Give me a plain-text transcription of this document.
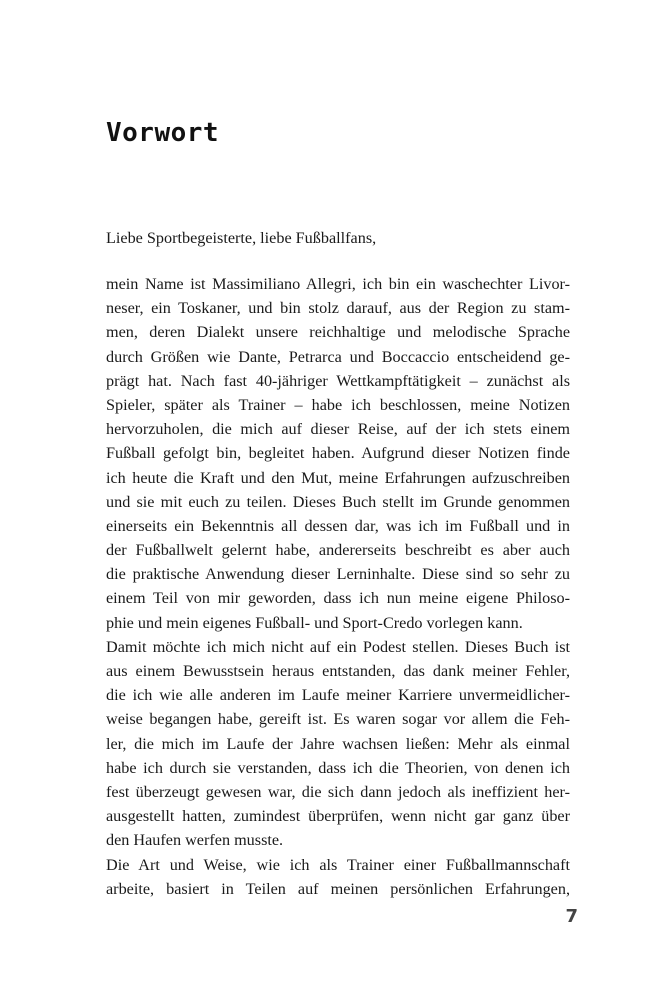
Vorwort

Liebe Sportbegeisterte, liebe Fußballfans,

mein Name ist Massimiliano Allegri, ich bin ein waschechter Livor-
neser, ein Toskaner, und bin stolz darauf, aus der Region zu stam-
men, deren Dialekt unsere reichhaltige und melodische Sprache
durch Größen wie Dante, Petrarca und Boccaccio entscheidend ge-
prägt hat. Nach fast 40-jähriger Wettkampftätigkeit – zunächst als
Spieler, später als Trainer – habe ich beschlossen, meine Notizen
hervorzuholen, die mich auf dieser Reise, auf der ich stets einem
Fußball gefolgt bin, begleitet haben. Aufgrund dieser Notizen finde
ich heute die Kraft und den Mut, meine Erfahrungen aufzuschreiben
und sie mit euch zu teilen. Dieses Buch stellt im Grunde genommen
einerseits ein Bekenntnis all dessen dar, was ich im Fußball und in
der Fußballwelt gelernt habe, andererseits beschreibt es aber auch
die praktische Anwendung dieser Lerninhalte. Diese sind so sehr zu
einem Teil von mir geworden, dass ich nun meine eigene Philoso-
phie und mein eigenes Fußball- und Sport-Credo vorlegen kann.
Damit möchte ich mich nicht auf ein Podest stellen. Dieses Buch ist
aus einem Bewusstsein heraus entstanden, das dank meiner Fehler,
die ich wie alle anderen im Laufe meiner Karriere unvermeidlicher-
weise begangen habe, gereift ist. Es waren sogar vor allem die Feh-
ler, die mich im Laufe der Jahre wachsen ließen: Mehr als einmal
habe ich durch sie verstanden, dass ich die Theorien, von denen ich
fest überzeugt gewesen war, die sich dann jedoch als ineffizient her-
ausgestellt hatten, zumindest überprüfen, wenn nicht gar ganz über
den Haufen werfen musste.
Die Art und Weise, wie ich als Trainer einer Fußballmannschaft
arbeite, basiert in Teilen auf meinen persönlichen Erfahrungen,
7
